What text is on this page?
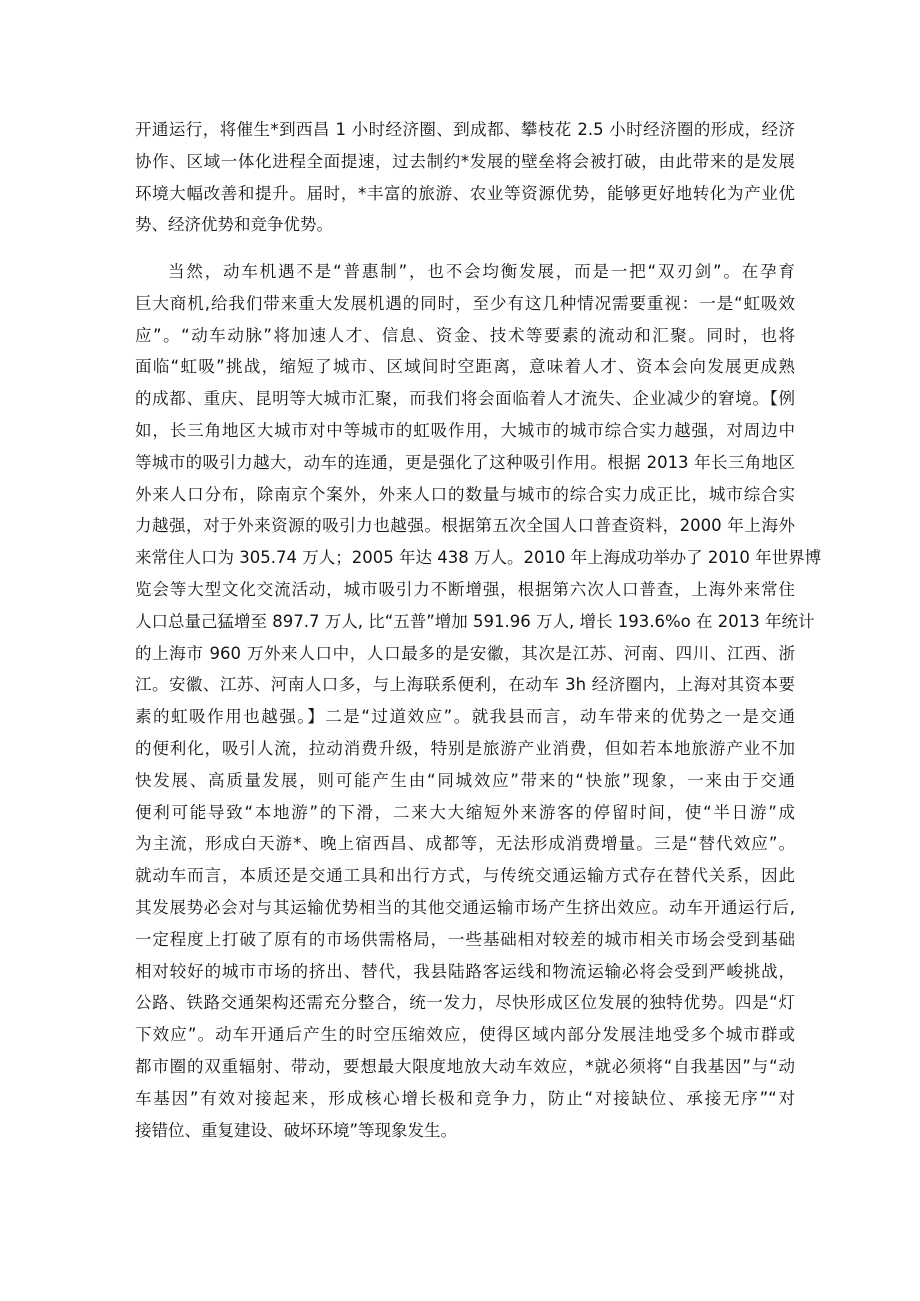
开通运行，将催生*到西昌 1 小时经济圈、到成都、攀枝花 2.5 小时经济圈的形成，经济
协作、区域一体化进程全面提速，过去制约*发展的壁垒将会被打破，由此带来的是发展
环境大幅改善和提升。届时，*丰富的旅游、农业等资源优势，能够更好地转化为产业优
势、经济优势和竞争优势。
当然，动车机遇不是“普惠制”，也不会均衡发展，而是一把“双刃剑”。在孕育
巨大商机,给我们带来重大发展机遇的同时，至少有这几种情况需要重视：一是“虹吸效
应”。“动车动脉”将加速人才、信息、资金、技术等要素的流动和汇聚。同时，也将
面临“虹吸”挑战，缩短了城市、区域间时空距离，意味着人才、资本会向发展更成熟
的成都、重庆、昆明等大城市汇聚，而我们将会面临着人才流失、企业减少的窘境。【例
如，长三角地区大城市对中等城市的虹吸作用，大城市的城市综合实力越强，对周边中
等城市的吸引力越大，动车的连通，更是强化了这种吸引作用。根据 2013 年长三角地区
外来人口分布，除南京个案外，外来人口的数量与城市的综合实力成正比，城市综合实
力越强，对于外来资源的吸引力也越强。根据第五次全国人口普查资料，2000 年上海外
来常住人口为 305.74 万人；2005 年达 438 万人。2010 年上海成功举办了 2010 年世界博
览会等大型文化交流活动，城市吸引力不断增强，根据第六次人口普查，上海外来常住
人口总量己猛增至 897.7 万人, 比“五普”增加 591.96 万人, 增长 193.6%o 在 2013 年统计
的上海市 960 万外来人口中，人口最多的是安徽，其次是江苏、河南、四川、江西、浙
江。安徽、江苏、河南人口多，与上海联系便利，在动车 3h 经济圈内，上海对其资本要
素的虹吸作用也越强。】二是“过道效应”。就我县而言，动车带来的优势之一是交通
的便利化，吸引人流，拉动消费升级，特别是旅游产业消费，但如若本地旅游产业不加
快发展、高质量发展，则可能产生由“同城效应”带来的“快旅”现象，一来由于交通
便利可能导致“本地游”的下滑，二来大大缩短外来游客的停留时间，使“半日游”成
为主流，形成白天游*、晚上宿西昌、成都等，无法形成消费增量。三是“替代效应”。
就动车而言，本质还是交通工具和出行方式，与传统交通运输方式存在替代关系，因此
其发展势必会对与其运输优势相当的其他交通运输市场产生挤出效应。动车开通运行后,
一定程度上打破了原有的市场供需格局，一些基础相对较差的城市相关市场会受到基础
相对较好的城市市场的挤出、替代，我县陆路客运线和物流运输必将会受到严峻挑战，
公路、铁路交通架构还需充分整合，统一发力，尽快形成区位发展的独特优势。四是“灯
下效应”。动车开通后产生的时空压缩效应，使得区域内部分发展洼地受多个城市群或
都市圈的双重辐射、带动，要想最大限度地放大动车效应，*就必须将“自我基因”与“动
车基因”有效对接起来，形成核心增长极和竞争力，防止“对接缺位、承接无序”“对
接错位、重复建设、破坏环境”等现象发生。
